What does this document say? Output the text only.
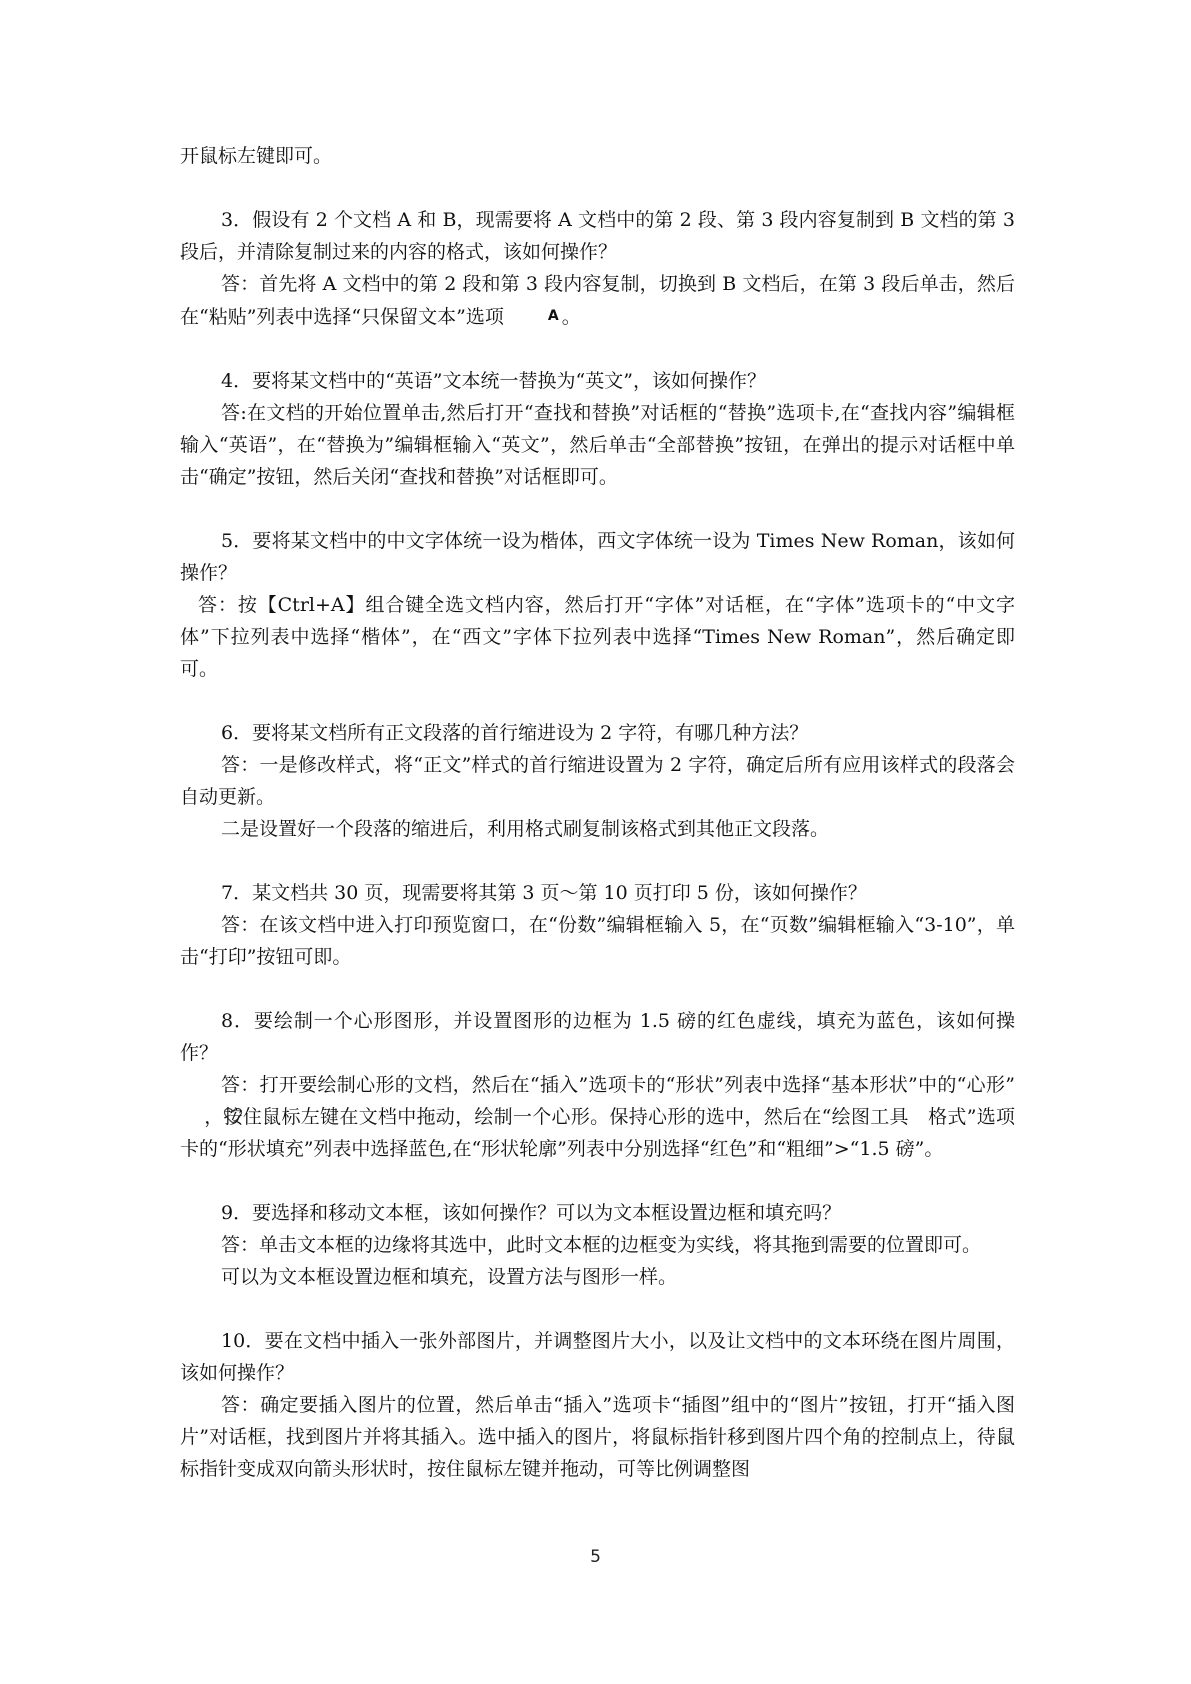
开鼠标左键即可。

3．假设有 2 个文档 A 和 B，现需要将 A 文档中的第 2 段、第 3 段内容复制到 B 文档的第 3 段后，并清除复制过来的内容的格式，该如何操作？

答：首先将 A 文档中的第 2 段和第 3 段内容复制，切换到 B 文档后，在第 3 段后单击，然后在“粘贴”列表中选择“只保留文本”选项	A 。

4．要将某文档中的“英语”文本统一替换为“英文”，该如何操作？

答:在文档的开始位置单击,然后打开“查找和替换”对话框的“替换”选项卡,在“查找内容”编辑框输入“英语”，在“替换为”编辑框输入“英文”，然后单击“全部替换”按钮，在弹出的提示对话框中单击“确定”按钮，然后关闭“查找和替换”对话框即可。

5．要将某文档中的中文字体统一设为楷体，西文字体统一设为 Times New Roman，该如何操作？

答：按【Ctrl+A】组合键全选文档内容，然后打开“字体”对话框，在“字体”选项卡的“中文字体”下拉列表中选择“楷体”，在“西文”字体下拉列表中选择“Times New Roman”，然后确定即可。

6．要将某文档所有正文段落的首行缩进设为 2 字符，有哪几种方法？

答：一是修改样式，将“正文”样式的首行缩进设置为 2 字符，确定后所有应用该样式的段落会自动更新。

二是设置好一个段落的缩进后，利用格式刷复制该格式到其他正文段落。

7．某文档共 30 页，现需要将其第 3 页～第 10 页打印 5 份，该如何操作？

答：在该文档中进入打印预览窗口，在“份数”编辑框输入 5，在“页数”编辑框输入“3-10”，单击“打印”按钮可即。

8．要绘制一个心形图形，并设置图形的边框为 1.5 磅的红色虚线，填充为蓝色，该如何操作？

答：打开要绘制心形的文档，然后在“插入”选项卡的“形状”列表中选择“基本形状”中的“心形”，按住鼠标左键在文档中拖动，绘制一个心形。保持心形的选中，然后在“绘图工具　格式”选项卡的“形状填充”列表中选择蓝色,在“形状轮廓”列表中分别选择“红色”和“粗细”>“1.5 磅”。

9．要选择和移动文本框，该如何操作？可以为文本框设置边框和填充吗？

答：单击文本框的边缘将其选中，此时文本框的边框变为实线，将其拖到需要的位置即可。

可以为文本框设置边框和填充，设置方法与图形一样。

10．要在文档中插入一张外部图片，并调整图片大小，以及让文档中的文本环绕在图片周围，该如何操作？

答：确定要插入图片的位置，然后单击“插入”选项卡“插图”组中的“图片”按钮，打开“插入图片”对话框，找到图片并将其插入。选中插入的图片，将鼠标指针移到图片四个角的控制点上，待鼠标指针变成双向箭头形状时，按住鼠标左键并拖动，可等比例调整图

5
